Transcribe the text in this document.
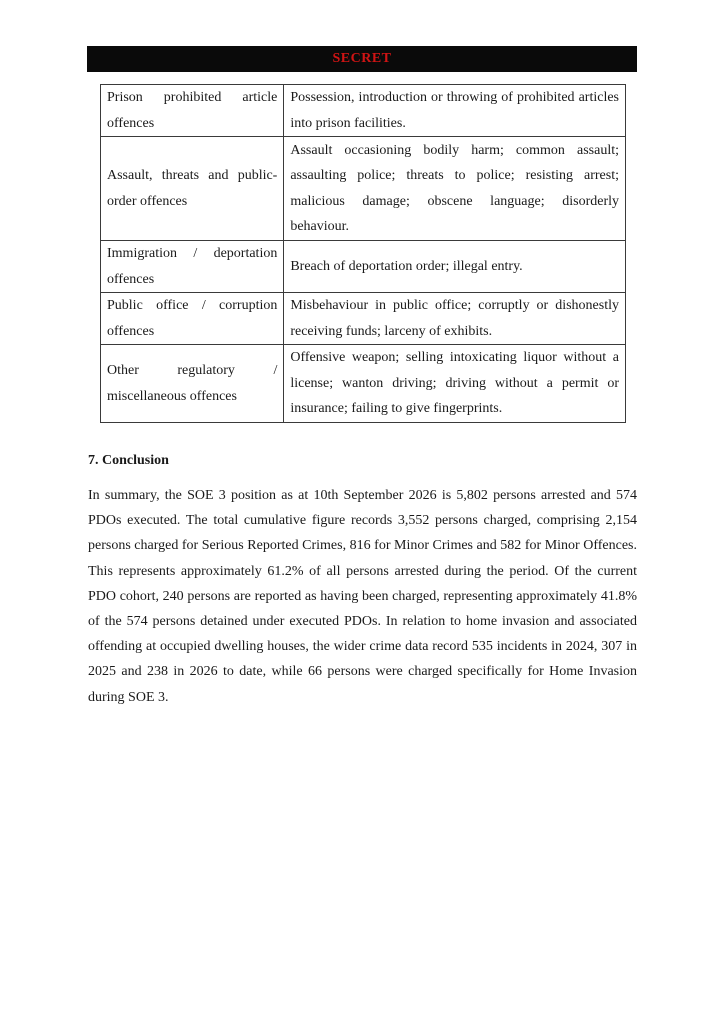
SECRET
Prison prohibited article offences	Possession, introduction or throwing of prohibited articles into prison facilities.
Assault, threats and public-order offences	Assault occasioning bodily harm; common assault; assaulting police; threats to police; resisting arrest; malicious damage; obscene language; disorderly behaviour.
Immigration / deportation offences	Breach of deportation order; illegal entry.
Public office / corruption offences	Misbehaviour in public office; corruptly or dishonestly receiving funds; larceny of exhibits.
Other regulatory / miscellaneous offences	Offensive weapon; selling intoxicating liquor without a license; wanton driving; driving without a permit or insurance; failing to give fingerprints.
7. Conclusion

In summary, the SOE 3 position as at 10th September 2026 is 5,802 persons arrested and 574 PDOs executed. The total cumulative figure records 3,552 persons charged, comprising 2,154 persons charged for Serious Reported Crimes, 816 for Minor Crimes and 582 for Minor Offences. This represents approximately 61.2% of all persons arrested during the period. Of the current PDO cohort, 240 persons are reported as having been charged, representing approximately 41.8% of the 574 persons detained under executed PDOs. In relation to home invasion and associated offending at occupied dwelling houses, the wider crime data record 535 incidents in 2024, 307 in 2025 and 238 in 2026 to date, while 66 persons were charged specifically for Home Invasion during SOE 3.
